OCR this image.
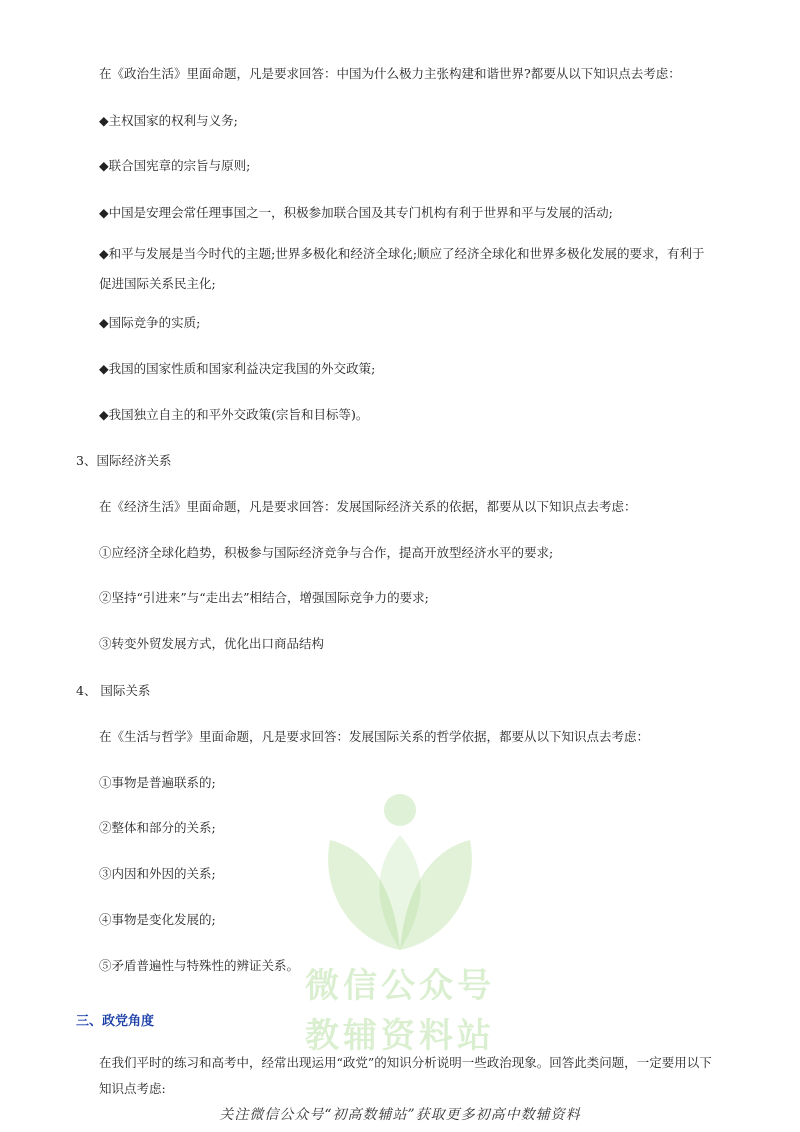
微信公众号
教辅资料站
在《政治生活》里面命题，凡是要求回答：中国为什么极力主张构建和谐世界?都要从以下知识点去考虑：
◆主权国家的权利与义务;
◆联合国宪章的宗旨与原则;
◆中国是安理会常任理事国之一，积极参加联合国及其专门机构有利于世界和平与发展的活动;
◆和平与发展是当今时代的主题;世界多极化和经济全球化;顺应了经济全球化和世界多极化发展的要求，有利于促进国际关系民主化;
◆国际竞争的实质;
◆我国的国家性质和国家利益决定我国的外交政策;
◆我国独立自主的和平外交政策(宗旨和目标等)。
3、国际经济关系
在《经济生活》里面命题，凡是要求回答：发展国际经济关系的依据，都要从以下知识点去考虑：
①应经济全球化趋势，积极参与国际经济竞争与合作，提高开放型经济水平的要求;
②坚持“引进来”与“走出去”相结合，增强国际竞争力的要求;
③转变外贸发展方式，优化出口商品结构
4、 国际关系
在《生活与哲学》里面命题，凡是要求回答：发展国际关系的哲学依据，都要从以下知识点去考虑：
①事物是普遍联系的;
②整体和部分的关系;
③内因和外因的关系;
④事物是变化发展的;
⑤矛盾普遍性与特殊性的辨证关系。
三、政党角度
在我们平时的练习和高考中，经常出现运用“政党”的知识分析说明一些政治现象。回答此类问题，一定要用以下知识点考虑:
关注微信公众号“初高数辅站”获取更多初高中数辅资料
